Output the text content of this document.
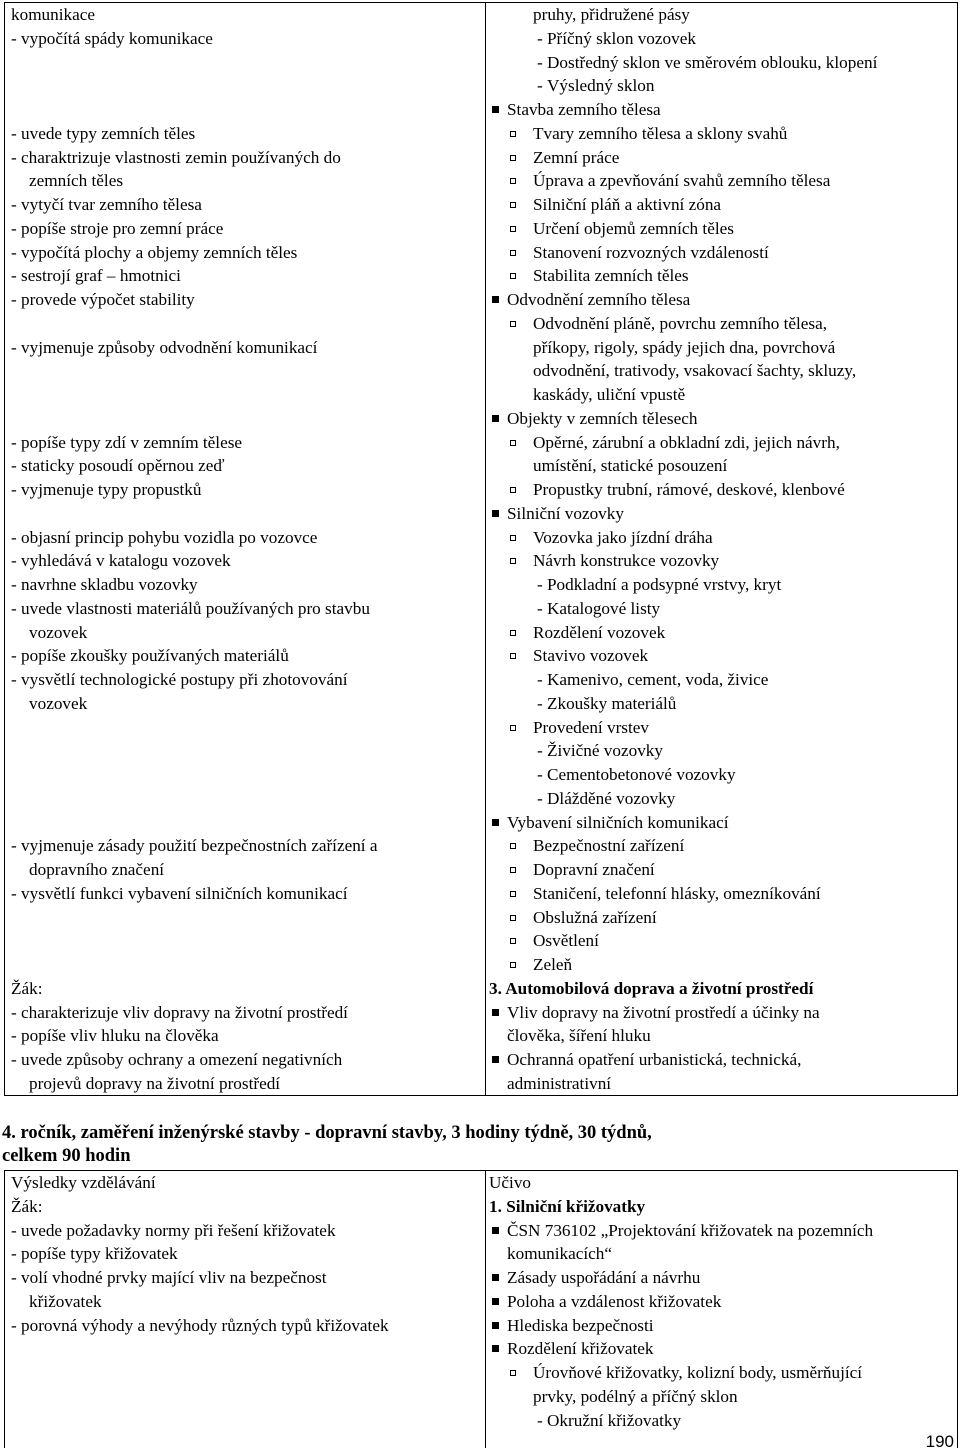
komunikace
- vypočítá spády komunikace
- uvede typy zemních těles
- charaktrizuje vlastnosti zemin používaných do
zemních těles
- vytyčí tvar zemního tělesa
- popíše stroje pro zemní práce
- vypočítá plochy a objemy zemních těles
- sestrojí graf – hmotnici
- provede výpočet stability
- vyjmenuje způsoby odvodnění komunikací
- popíše typy zdí v zemním tělese
- staticky posoudí opěrnou zeď
- vyjmenuje typy propustků
- objasní princip pohybu vozidla po vozovce
- vyhledává v katalogu vozovek
- navrhne skladbu vozovky
- uvede vlastnosti materiálů používaných pro stavbu
vozovek
- popíše zkoušky používaných materiálů
- vysvětlí technologické postupy při zhotovování
vozovek
- vyjmenuje zásady použití bezpečnostních zařízení a
dopravního značení
- vysvětlí funkci vybavení silničních komunikací
Žák:
- charakterizuje vliv dopravy na životní prostředí
- popíše vliv hluku na člověka
- uvede způsoby ochrany a omezení negativních
projevů dopravy na životní prostředí
pruhy, přidružené pásy
- Příčný sklon vozovek
- Dostředný sklon ve směrovém oblouku, klopení
- Výsledný sklon
Stavba zemního tělesa
Tvary zemního tělesa a sklony svahů
Zemní práce
Úprava a zpevňování svahů zemního tělesa
Silniční pláň a aktivní zóna
Určení objemů zemních těles
Stanovení rozvozných vzdáleností
Stabilita zemních těles
Odvodnění zemního tělesa
Odvodnění pláně, povrchu zemního tělesa,
příkopy, rigoly, spády jejich dna, povrchová
odvodnění, trativody, vsakovací šachty, skluzy,
kaskády, uliční vpustě
Objekty v zemních tělesech
Opěrné, zárubní a obkladní zdi, jejich návrh,
umístění, statické posouzení
Propustky trubní, rámové, deskové, klenbové
Silniční vozovky
Vozovka jako jízdní dráha
Návrh konstrukce vozovky
- Podkladní a podsypné vrstvy, kryt
- Katalogové listy
Rozdělení vozovek
Stavivo vozovek
- Kamenivo, cement, voda, živice
- Zkoušky materiálů
Provedení vrstev
- Živičné vozovky
- Cementobetonové vozovky
- Dlážděné vozovky
Vybavení silničních komunikací
Bezpečnostní zařízení
Dopravní značení
Staničení, telefonní hlásky, omezníkování
Obslužná zařízení
Osvětlení
Zeleň
3. Automobilová doprava a životní prostředí
Vliv dopravy na životní prostředí a účinky na
člověka, šíření hluku
Ochranná opatření urbanistická, technická,
administrativní
4. ročník, zaměření inženýrské stavby - dopravní stavby, 3 hodiny týdně, 30 týdnů,
celkem 90 hodin
Výsledky vzdělávání
Žák:
- uvede požadavky normy při řešení křižovatek
- popíše typy křižovatek
- volí vhodné prvky mající vliv na bezpečnost
křižovatek
- porovná výhody a nevýhody různých typů křižovatek
Učivo
1. Silniční křižovatky
ČSN 736102 „Projektování křižovatek na pozemních
komunikacích“
Zásady uspořádání a návrhu
Poloha a vzdálenost křižovatek
Hlediska bezpečnosti
Rozdělení křižovatek
Úrovňové křižovatky, kolizní body, usměrňující
prvky, podélný a příčný sklon
- Okružní křižovatky
190
